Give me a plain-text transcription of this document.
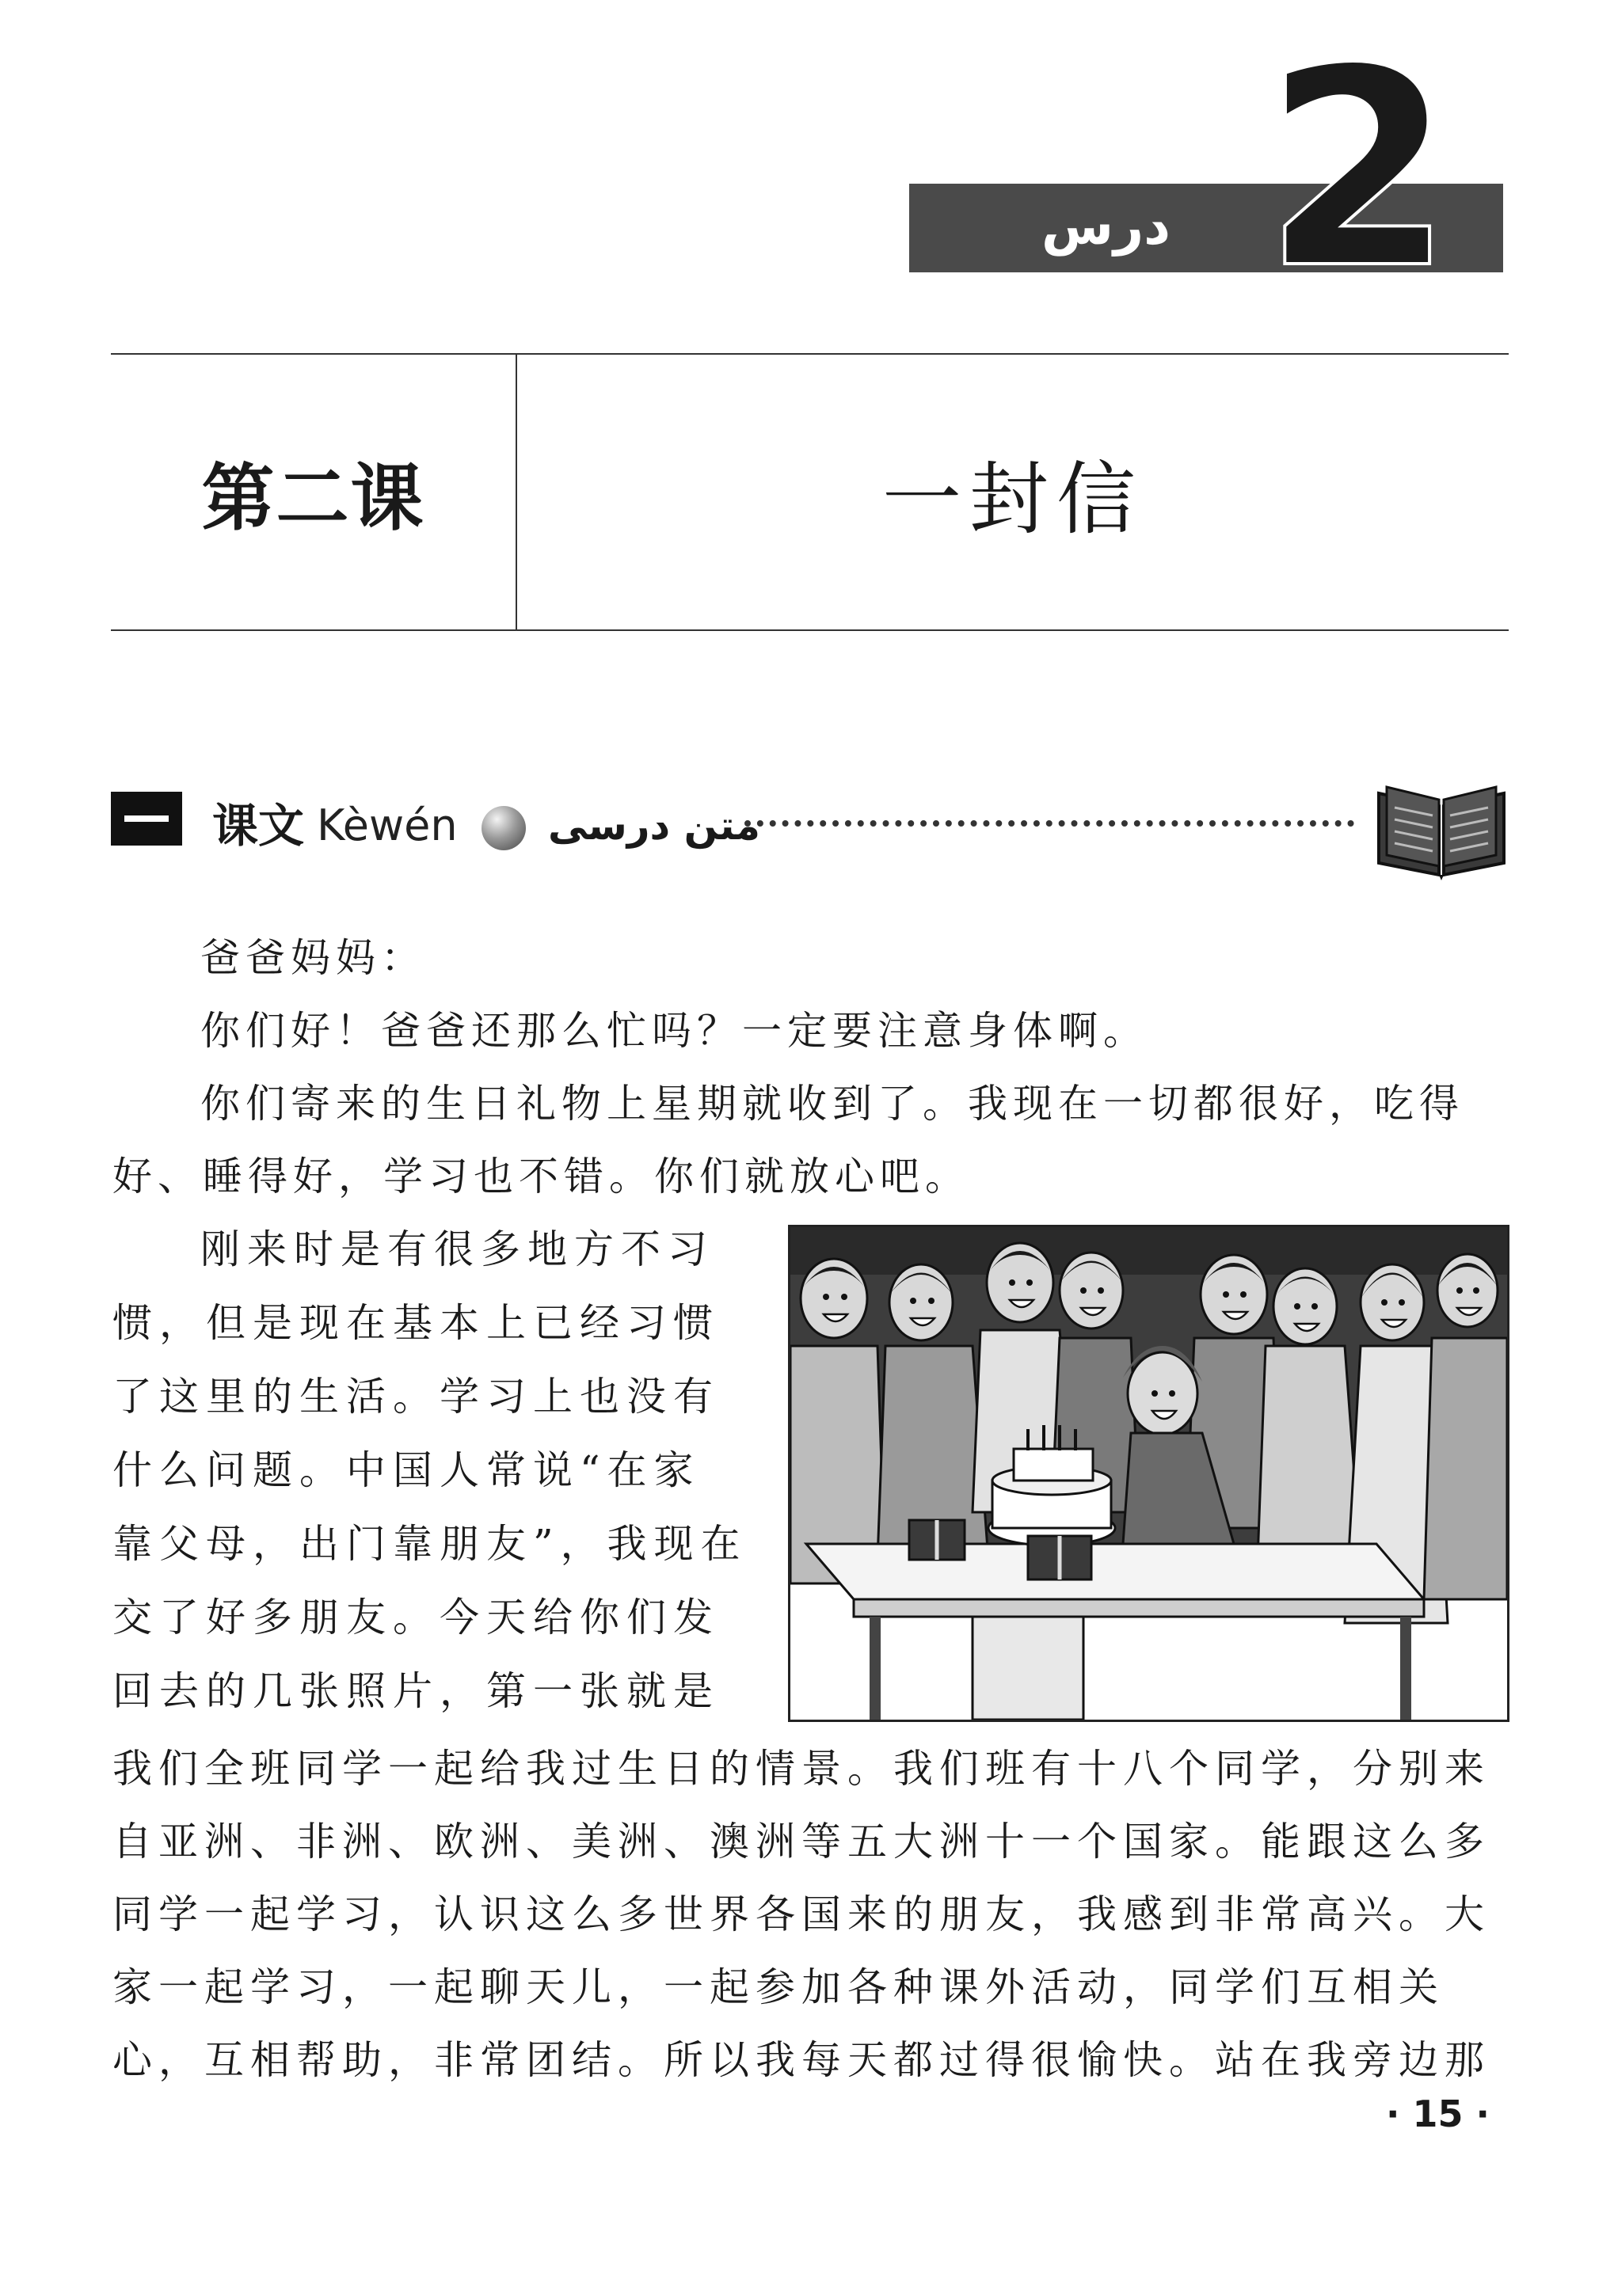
درس 2
第二课	一封信
课文 Kèwén متن درسی
爸爸妈妈：
你们好！爸爸还那么忙吗？一定要注意身体啊。
你们寄来的生日礼物上星期就收到了。我现在一切都很好，吃得
好、睡得好，学习也不错。你们就放心吧。
刚来时是有很多地方不习
惯，但是现在基本上已经习惯
了这里的生活。学习上也没有
什么问题。中国人常说“在家
靠父母，出门靠朋友”，我现在
交了好多朋友。今天给你们发
回去的几张照片，第一张就是
我们全班同学一起给我过生日的情景。我们班有十八个同学，分别来
自亚洲、非洲、欧洲、美洲、澳洲等五大洲十一个国家。能跟这么多
同学一起学习，认识这么多世界各国来的朋友，我感到非常高兴。大
家一起学习，一起聊天儿，一起参加各种课外活动，同学们互相关
心，互相帮助，非常团结。所以我每天都过得很愉快。站在我旁边那
· 15 ·
